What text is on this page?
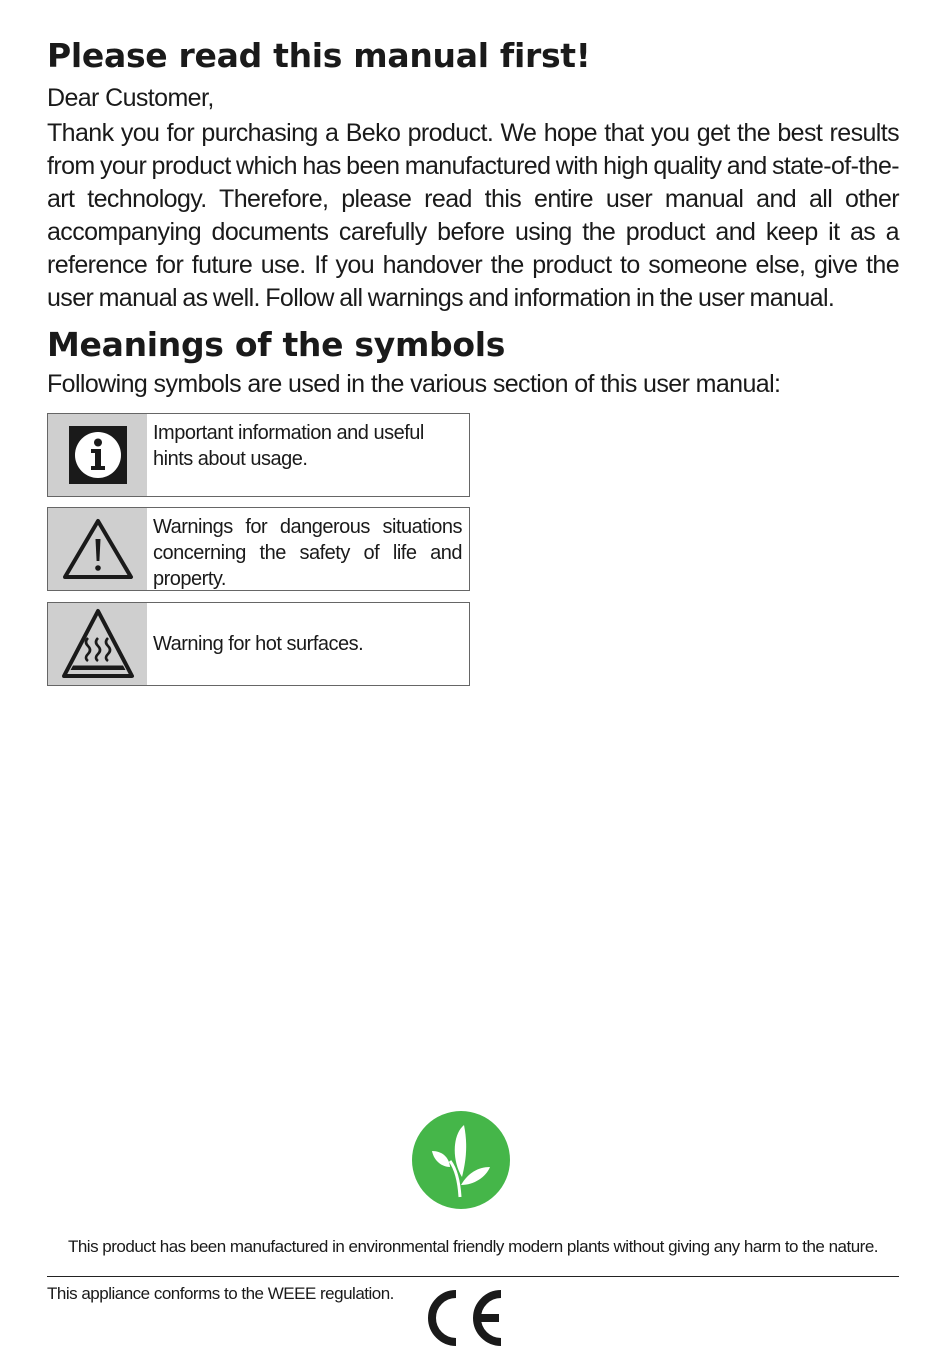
Please read this manual first!
Dear Customer,
Thank you for purchasing a Beko product. We hope that you get the best results from your product which has been manufactured with high quality and state-of-the-art technology. Therefore, please read this entire user manual and all other accompanying documents carefully before using the product and keep it as a reference for future use. If you handover the product to someone else, give the user manual as well. Follow all warnings and information in the user manual.
Meanings of the symbols
Following symbols are used in the various section of this user manual:
Important information and useful hints about usage.
Warnings for dangerous situations concerning the safety of life and property.
Warning for hot surfaces.
This product has been manufactured in environmental friendly modern plants without giving any harm to the nature.
This appliance conforms to the WEEE regulation.
